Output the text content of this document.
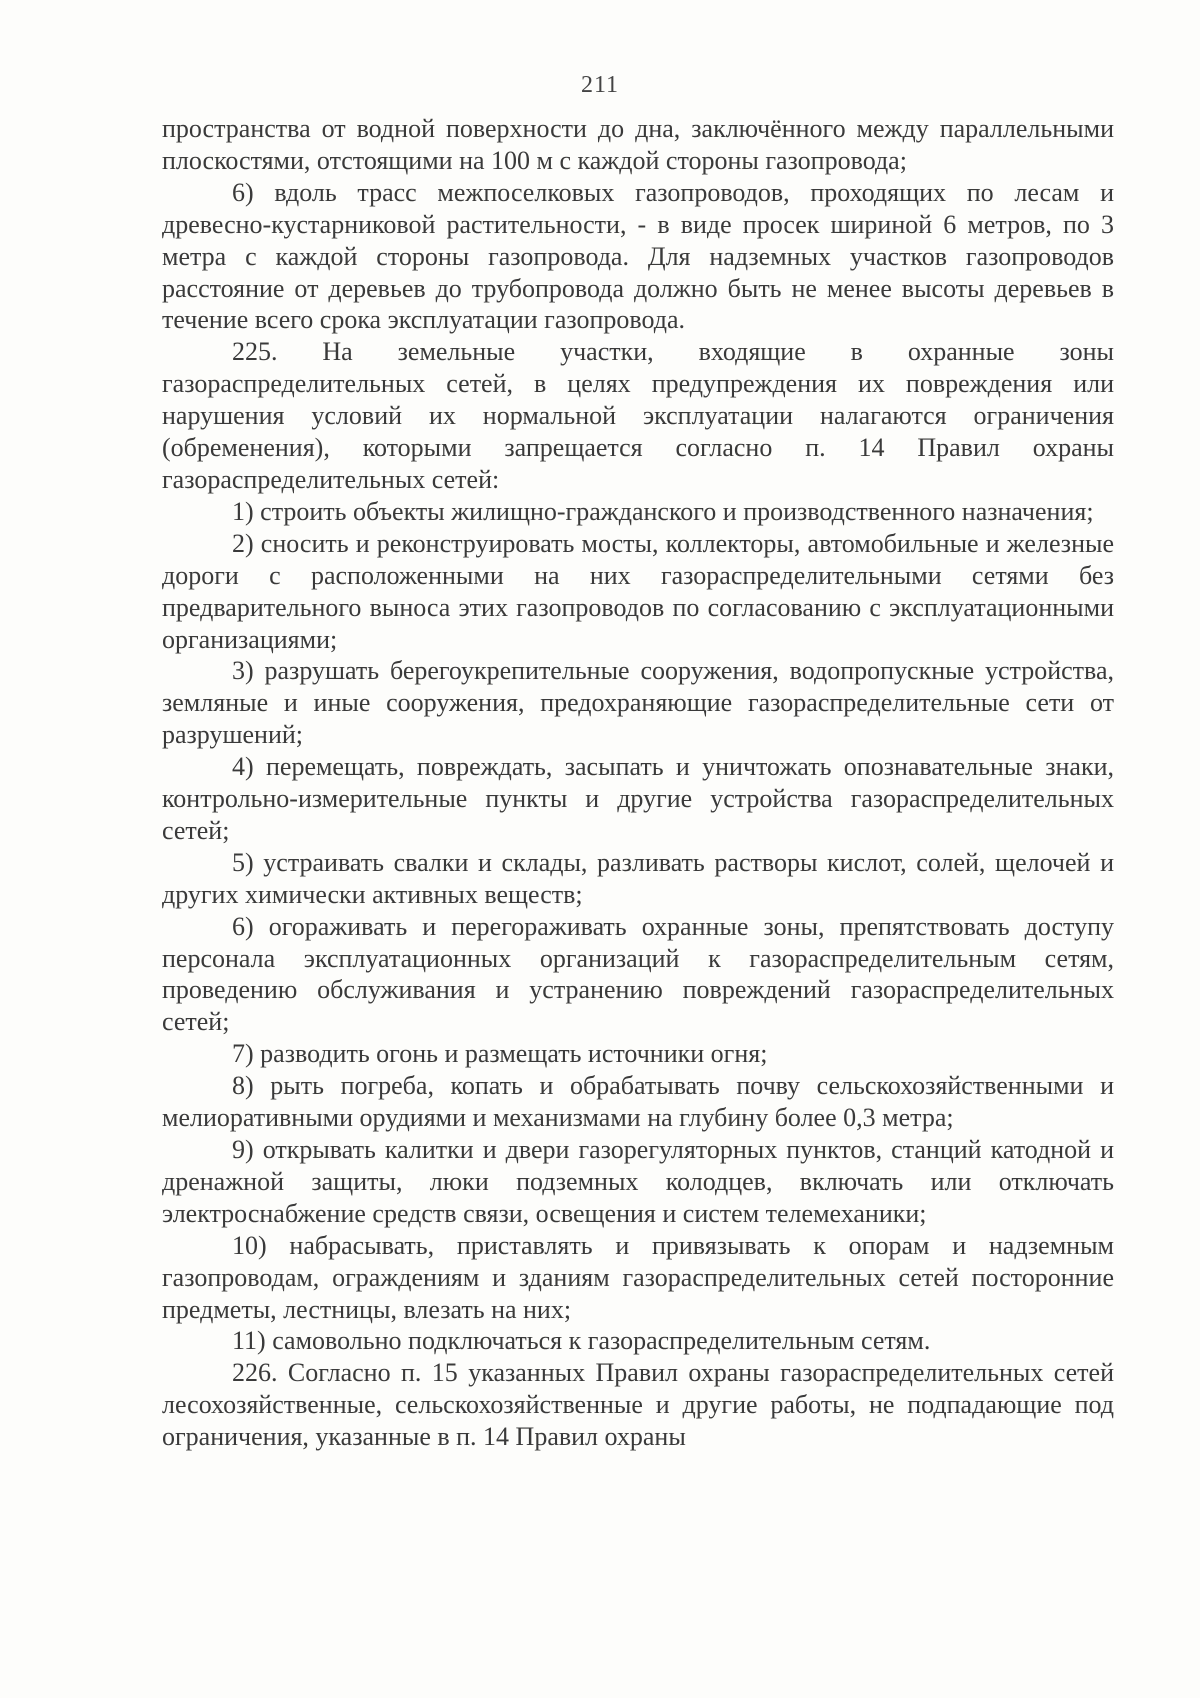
211

пространства от водной поверхности до дна, заключённого между параллельными плоскостями, отстоящими на 100 м с каждой стороны газопровода;

6) вдоль трасс межпоселковых газопроводов, проходящих по лесам и древесно-кустарниковой растительности, - в виде просек шириной 6 метров, по 3 метра с каждой стороны газопровода. Для надземных участков газопроводов расстояние от деревьев до трубопровода должно быть не менее высоты деревьев в течение всего срока эксплуатации газопровода.

225. На земельные участки, входящие в охранные зоны газораспределительных сетей, в целях предупреждения их повреждения или нарушения условий их нормальной эксплуатации налагаются ограничения (обременения), которыми запрещается согласно п. 14 Правил охраны газораспределительных сетей:

1) строить объекты жилищно-гражданского и производственного назначения;

2) сносить и реконструировать мосты, коллекторы, автомобильные и железные дороги с расположенными на них газораспределительными сетями без предварительного выноса этих газопроводов по согласованию с эксплуатационными организациями;

3) разрушать берегоукрепительные сооружения, водопропускные устройства, земляные и иные сооружения, предохраняющие газораспределительные сети от разрушений;

4) перемещать, повреждать, засыпать и уничтожать опознавательные знаки, контрольно-измерительные пункты и другие устройства газораспределительных сетей;

5) устраивать свалки и склады, разливать растворы кислот, солей, щелочей и других химически активных веществ;

6) огораживать и перегораживать охранные зоны, препятствовать доступу персонала эксплуатационных организаций к газораспределительным сетям, проведению обслуживания и устранению повреждений газораспределительных сетей;

7) разводить огонь и размещать источники огня;

8) рыть погреба, копать и обрабатывать почву сельскохозяйственными и мелиоративными орудиями и механизмами на глубину более 0,3 метра;

9) открывать калитки и двери газорегуляторных пунктов, станций катодной и дренажной защиты, люки подземных колодцев, включать или отключать электроснабжение средств связи, освещения и систем телемеханики;

10) набрасывать, приставлять и привязывать к опорам и надземным газопроводам, ограждениям и зданиям газораспределительных сетей посторонние предметы, лестницы, влезать на них;

11) самовольно подключаться к газораспределительным сетям.

226. Согласно п. 15 указанных Правил охраны газораспределительных сетей лесохозяйственные, сельскохозяйственные и другие работы, не подпадающие под ограничения, указанные в п. 14 Правил охраны
